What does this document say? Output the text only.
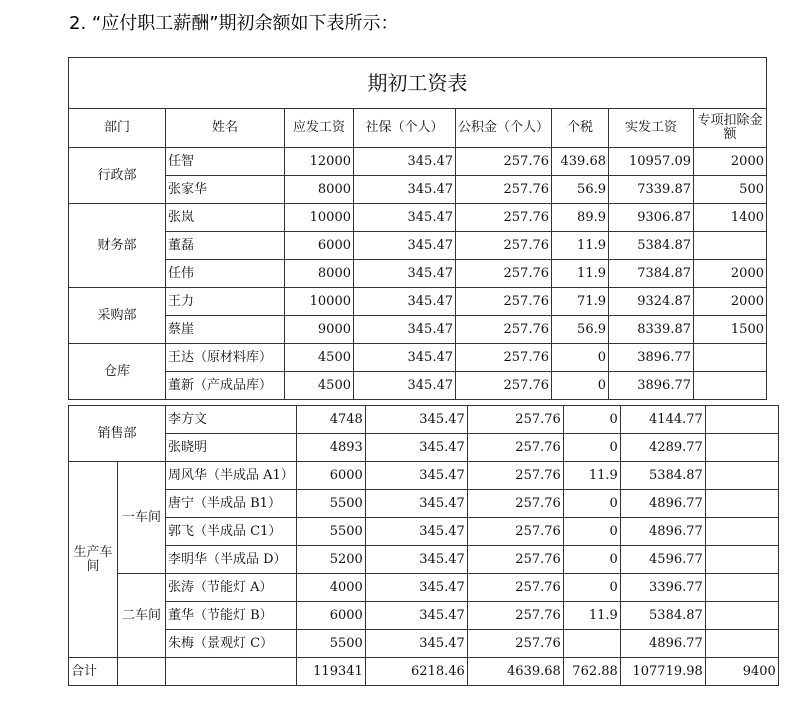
2. “应付职工薪酬”期初余额如下表所示：
期初工资表							
部门	姓名	应发工资	社保（个人）	公积金（个人）	个税	实发工资	专项扣除金额
行政部	任智	12000	345.47	257.76	439.68	10957.09	2000
	张家华	8000	345.47	257.76	56.9	7339.87	500
财务部	张岚	10000	345.47	257.76	89.9	9306.87	1400
	董磊	6000	345.47	257.76	11.9	5384.87	
	任伟	8000	345.47	257.76	11.9	7384.87	2000
采购部	王力	10000	345.47	257.76	71.9	9324.87	2000
	蔡崖	9000	345.47	257.76	56.9	8339.87	1500
仓库	王达（原材料库）	4500	345.47	257.76	0	3896.77	
	董新（产成品库）	4500	345.47	257.76	0	3896.77	
销售部		李方文	4748	345.47	257.76	0	4144.77	
		张晓明	4893	345.47	257.76	0	4289.77	
生产车间	一车间	周风华（半成品 A1）	6000	345.47	257.76	11.9	5384.87	
		唐宁（半成品 B1）	5500	345.47	257.76	0	4896.77	
		郭飞（半成品 C1）	5500	345.47	257.76	0	4896.77	
		李明华（半成品 D）	5200	345.47	257.76	0	4596.77	
	二车间	张涛（节能灯 A）	4000	345.47	257.76	0	3396.77	
		董华（节能灯 B）	6000	345.47	257.76	11.9	5384.87	
		朱梅（景观灯 C）	5500	345.47	257.76		4896.77	
合计			119341	6218.46	4639.68	762.88	107719.98	9400
